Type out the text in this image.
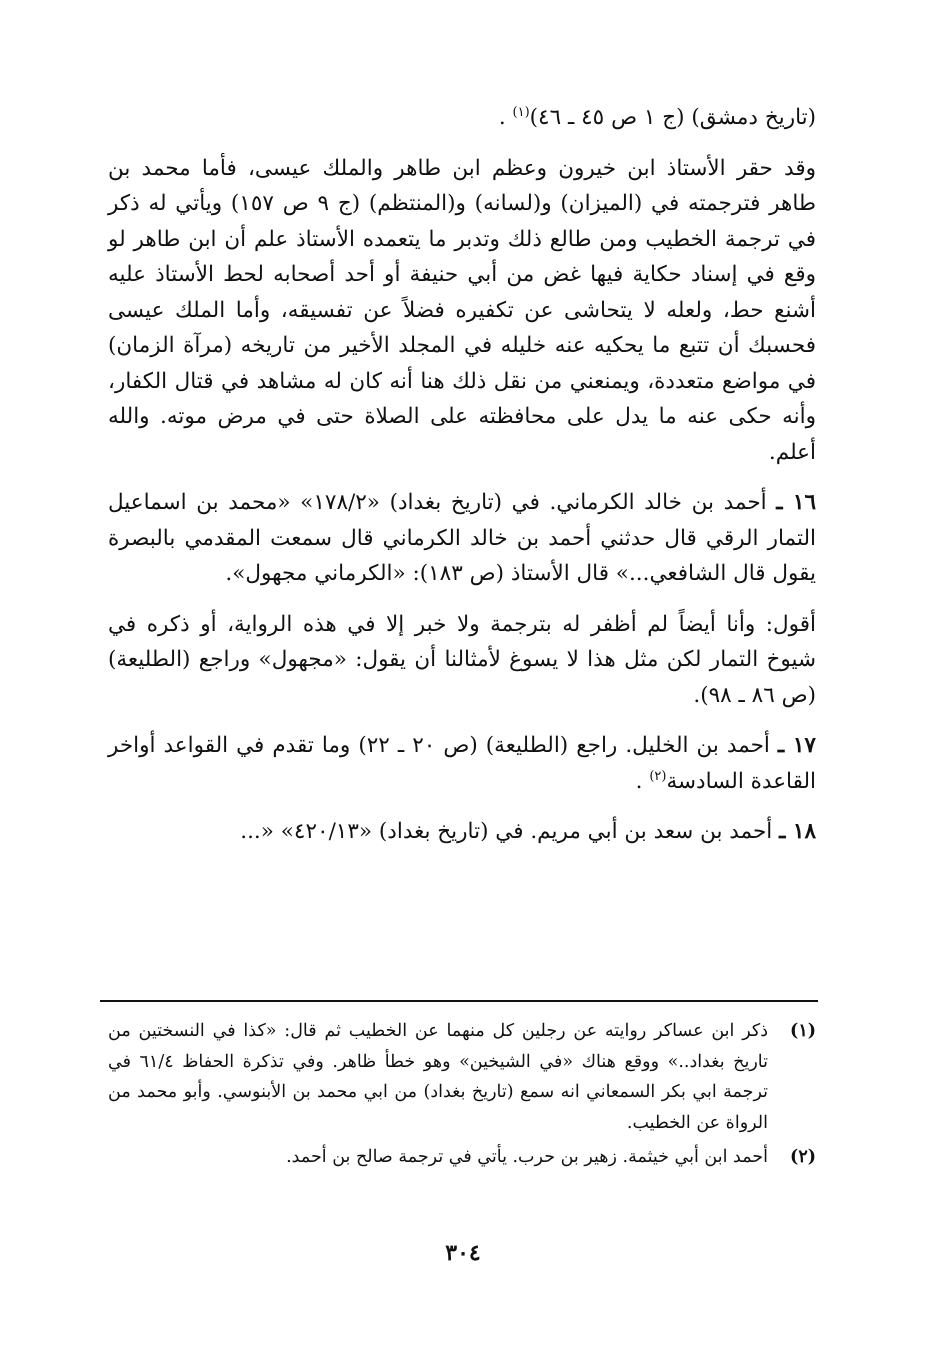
(تاريخ دمشق) (ج ١ ص ٤٥ ـ ٤٦)$^{(١)}$ .

وقد حقر الأستاذ ابن خيرون وعظم ابن طاهر والملك عيسى، فأما محمد بن طاهر فترجمته في (الميزان) و(لسانه) و(المنتظم) (ج ٩ ص ١٥٧) ويأتي له ذكر في ترجمة الخطيب ومن طالع ذلك وتدبر ما يتعمده الأستاذ علم أن ابن طاهر لو وقع في إسناد حكاية فيها غض من أبي حنيفة أو أحد أصحابه لحط الأستاذ عليه أشنع حط، ولعله لا يتحاشى عن تكفيره فضلاً عن تفسيقه، وأما الملك عيسى فحسبك أن تتبع ما يحكيه عنه خليله في المجلد الأخير من تاريخه (مرآة الزمان) في مواضع متعددة، ويمنعني من نقل ذلك هنا أنه كان له مشاهد في قتال الكفار، وأنه حكى عنه ما يدل على محافظته على الصلاة حتى في مرض موته. والله أعلم.

١٦ ـ أحمد بن خالد الكرماني. في (تاريخ بغداد) «١٧٨/٢» «محمد بن اسماعيل التمار الرقي قال حدثني أحمد بن خالد الكرماني قال سمعت المقدمي بالبصرة يقول قال الشافعي...» قال الأستاذ (ص ١٨٣): «الكرماني مجهول».

أقول: وأنا أيضاً لم أظفر له بترجمة ولا خبر إلا في هذه الرواية، أو ذكره في شيوخ التمار لكن مثل هذا لا يسوغ لأمثالنا أن يقول: «مجهول» وراجع (الطليعة) (ص ٨٦ ـ ٩٨).

١٧ ـ أحمد بن الخليل. راجع (الطليعة) (ص ٢٠ ـ ٢٢) وما تقدم في القواعد أواخر القاعدة السادسة$^{(٢)}$ .

١٨ ـ أحمد بن سعد بن أبي مريم. في (تاريخ بغداد) «٤٢٠/١٣» «...

(١)
ذكر ابن عساكر روايته عن رجلين كل منهما عن الخطيب ثم قال: «كذا في النسختين من تاريخ بغداد..» ووقع هناك «في الشيخين» وهو خطأ ظاهر. وفي تذكرة الحفاظ ٦١/٤ في ترجمة ابي بكر السمعاني انه سمع (تاريخ بغداد) من ابي محمد بن الأبنوسي. وأبو محمد من الرواة عن الخطيب.

(٢)
أحمد ابن أبي خيثمة. زهير بن حرب. يأتي في ترجمة صالح بن أحمد.

٣٠٤
